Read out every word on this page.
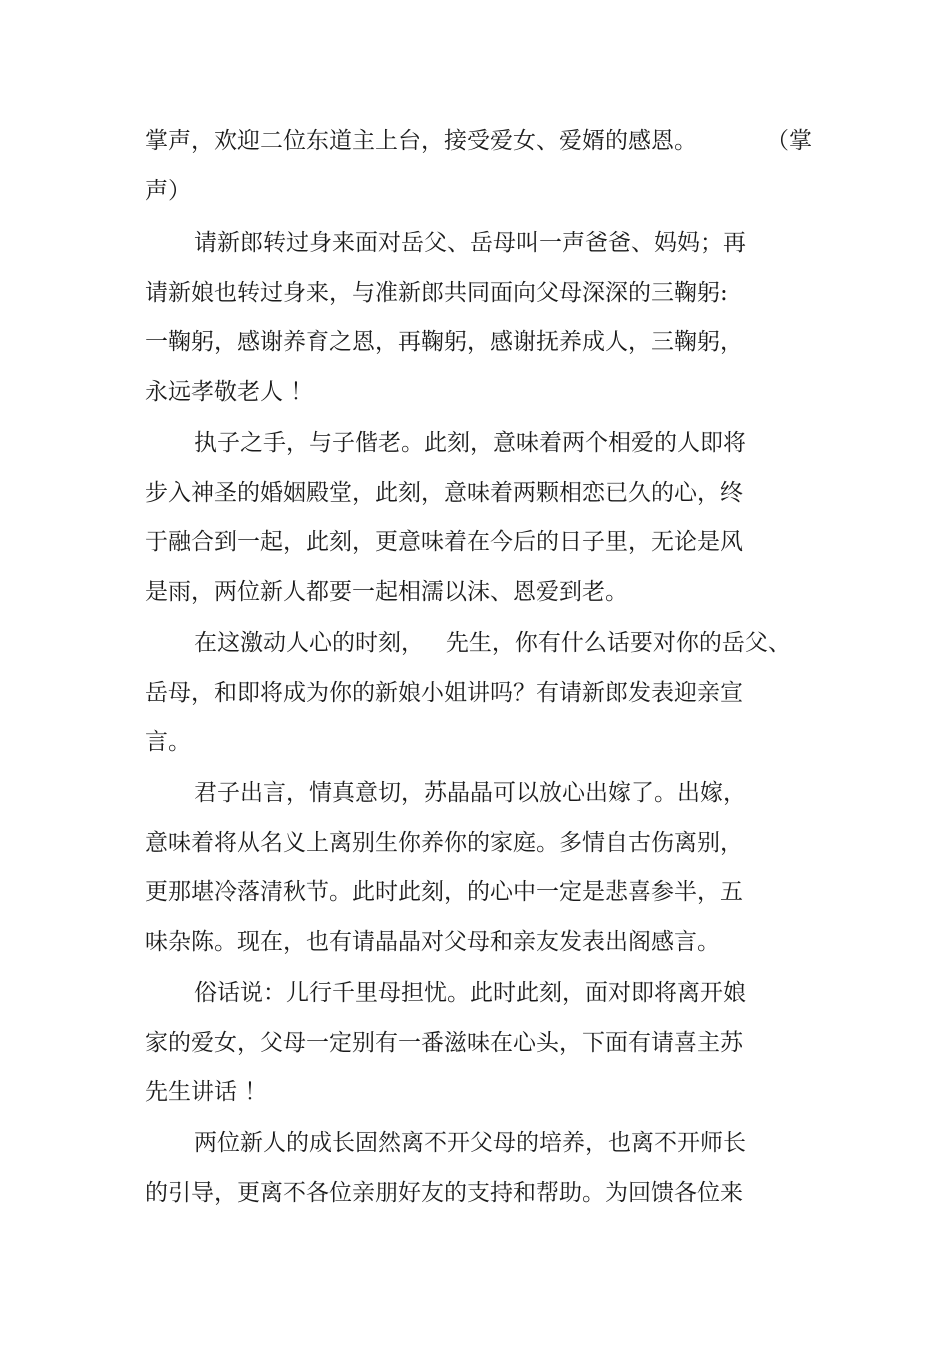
掌声，欢迎二位东道主上台，接受爱女、爱婿的感恩。	（掌

声）

请新郎转过身来面对岳父、岳母叫一声爸爸、妈妈；再

请新娘也转过身来，与准新郎共同面向父母深深的三鞠躬:

一鞠躬，感谢养育之恩，再鞠躬，感谢抚养成人，三鞠躬，

永远孝敬老人 ！

执子之手，与子偕老。此刻，意味着两个相爱的人即将

步入神圣的婚姻殿堂，此刻，意味着两颗相恋已久的心，终

于融合到一起，此刻，更意味着在今后的日子里，无论是风

是雨，两位新人都要一起相濡以沫、恩爱到老。

在这激动人心的时刻，   先生，你有什么话要对你的岳父、

岳母，和即将成为你的新娘小姐讲吗？有请新郎发表迎亲宣

言。

君子出言，情真意切，苏晶晶可以放心出嫁了。出嫁，

意味着将从名义上离别生你养你的家庭。多情自古伤离别，

更那堪冷落清秋节。此时此刻，的心中一定是悲喜参半，五

味杂陈。现在，也有请晶晶对父母和亲友发表出阁感言。

俗话说：儿行千里母担忧。此时此刻，面对即将离开娘

家的爱女，父母一定别有一番滋味在心头，下面有请喜主苏

先生讲话 ！

两位新人的成长固然离不开父母的培养，也离不开师长

的引导，更离不各位亲朋好友的支持和帮助。为回馈各位来
